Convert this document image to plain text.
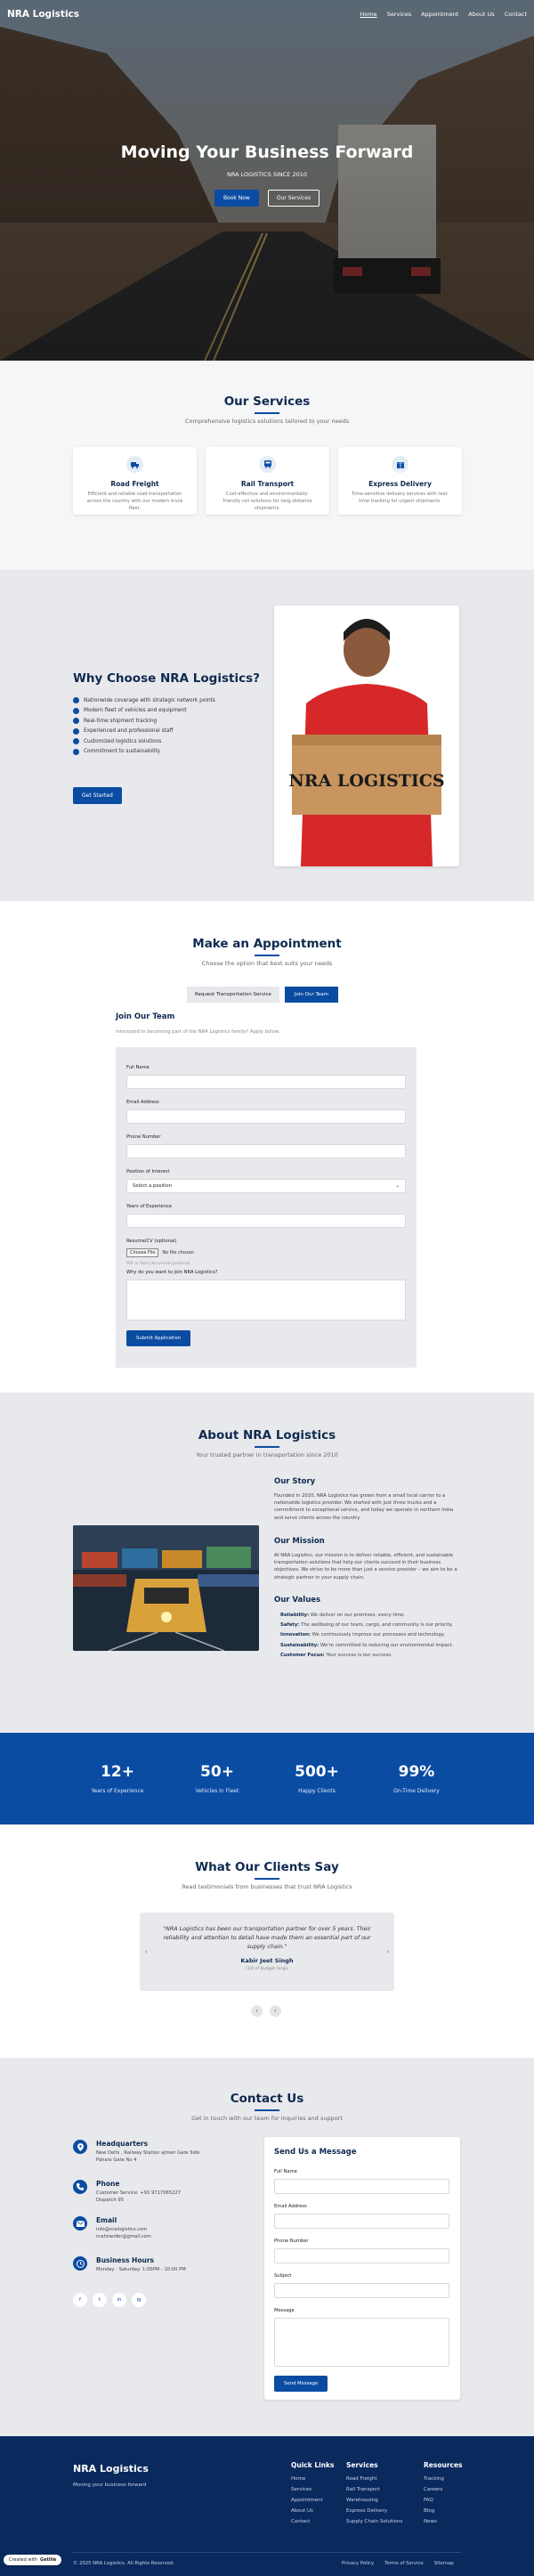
NRA Logistics	Home Services Appointment About Us Contact
Moving Your Business Forward
NRA LOGISTICS SINCE 2010
Book Now	Our Services
Our Services
Comprehensive logistics solutions tailored to your needs
Road Freight
Efficient and reliable road transportation across the country with our modern truck fleet.
Rail Transport
Cost-effective and environmentally-friendly rail solutions for long-distance shipments.
Express Delivery
Time-sensitive delivery services with real-time tracking for urgent shipments.
Why Choose NRA Logistics?
Nationwide coverage with strategic network points
Modern fleet of vehicles and equipment
Real-time shipment tracking
Experienced and professional staff
Customized logistics solutions
Commitment to sustainability
Get Started
NRA LOGISTICS
Make an Appointment
Choose the option that best suits your needs
Request Transportation Service	Join Our Team
Join Our Team
Interested in becoming part of the NRA Logistics family? Apply below.
Full Name
Email Address
Phone Number
Position of Interest
Select a position	⌄
Years of Experience
Resume/CV (optional)
Choose File	No file chosen
PDF or Word documents preferred
Why do you want to join NRA Logistics?
Submit Application
About NRA Logistics
Your trusted partner in transportation since 2010
Our Story
Founded in 2010, NRA Logistics has grown from a small local carrier to a nationwide logistics provider. We started with just three trucks and a commitment to exceptional service, and today we operate in northern India and serve clients across the country.
Our Mission
At NRA Logistics, our mission is to deliver reliable, efficient, and sustainable transportation solutions that help our clients succeed in their business objectives. We strive to be more than just a service provider – we aim to be a strategic partner in your supply chain.
Our Values
Reliability: We deliver on our promises, every time.
Safety: The wellbeing of our team, cargo, and community is our priority.
Innovation: We continuously improve our processes and technology.
Sustainability: We're committed to reducing our environmental impact.
Customer Focus: Your success is our success.
12+
Years of Experience
50+
Vehicles in Fleet
500+
Happy Clients
99%
On-Time Delivery
What Our Clients Say
Read testimonials from businesses that trust NRA Logistics
"NRA Logistics has been our transportation partner for over 5 years. Their reliability and attention to detail have made them an essential part of our supply chain."
Kabir Jeet Singh
CEO of Budget Origin
‹	›
‹	›
Contact Us
Get in touch with our team for inquiries and support
Headquarters
New Delhi , Railway Station ajmeri Gate Side Paharo Gate No 4
Phone
Customer Service: +91 9717065227
Dispatch 95
Email
info@nralogistics.com
nrahnwider@gmail.com
Business Hours
Monday - Saturday: 1:00PM - 10:00 PM
f	t	in	ig
Send Us a Message
Full Name
Email Address
Phone Number
Subject
Message
Send Message
NRA Logistics
Moving your business forward
Quick Links
Home
Services
Appointment
About Us
Contact
Services
Road Freight
Rail Transport
Warehousing
Express Delivery
Supply Chain Solutions
Resources
Tracking
Careers
FAQ
Blog
News
© 2025 NRA Logistics. All Rights Reserved.	Privacy Policy Terms of Service Sitemap
Created with Getlile
